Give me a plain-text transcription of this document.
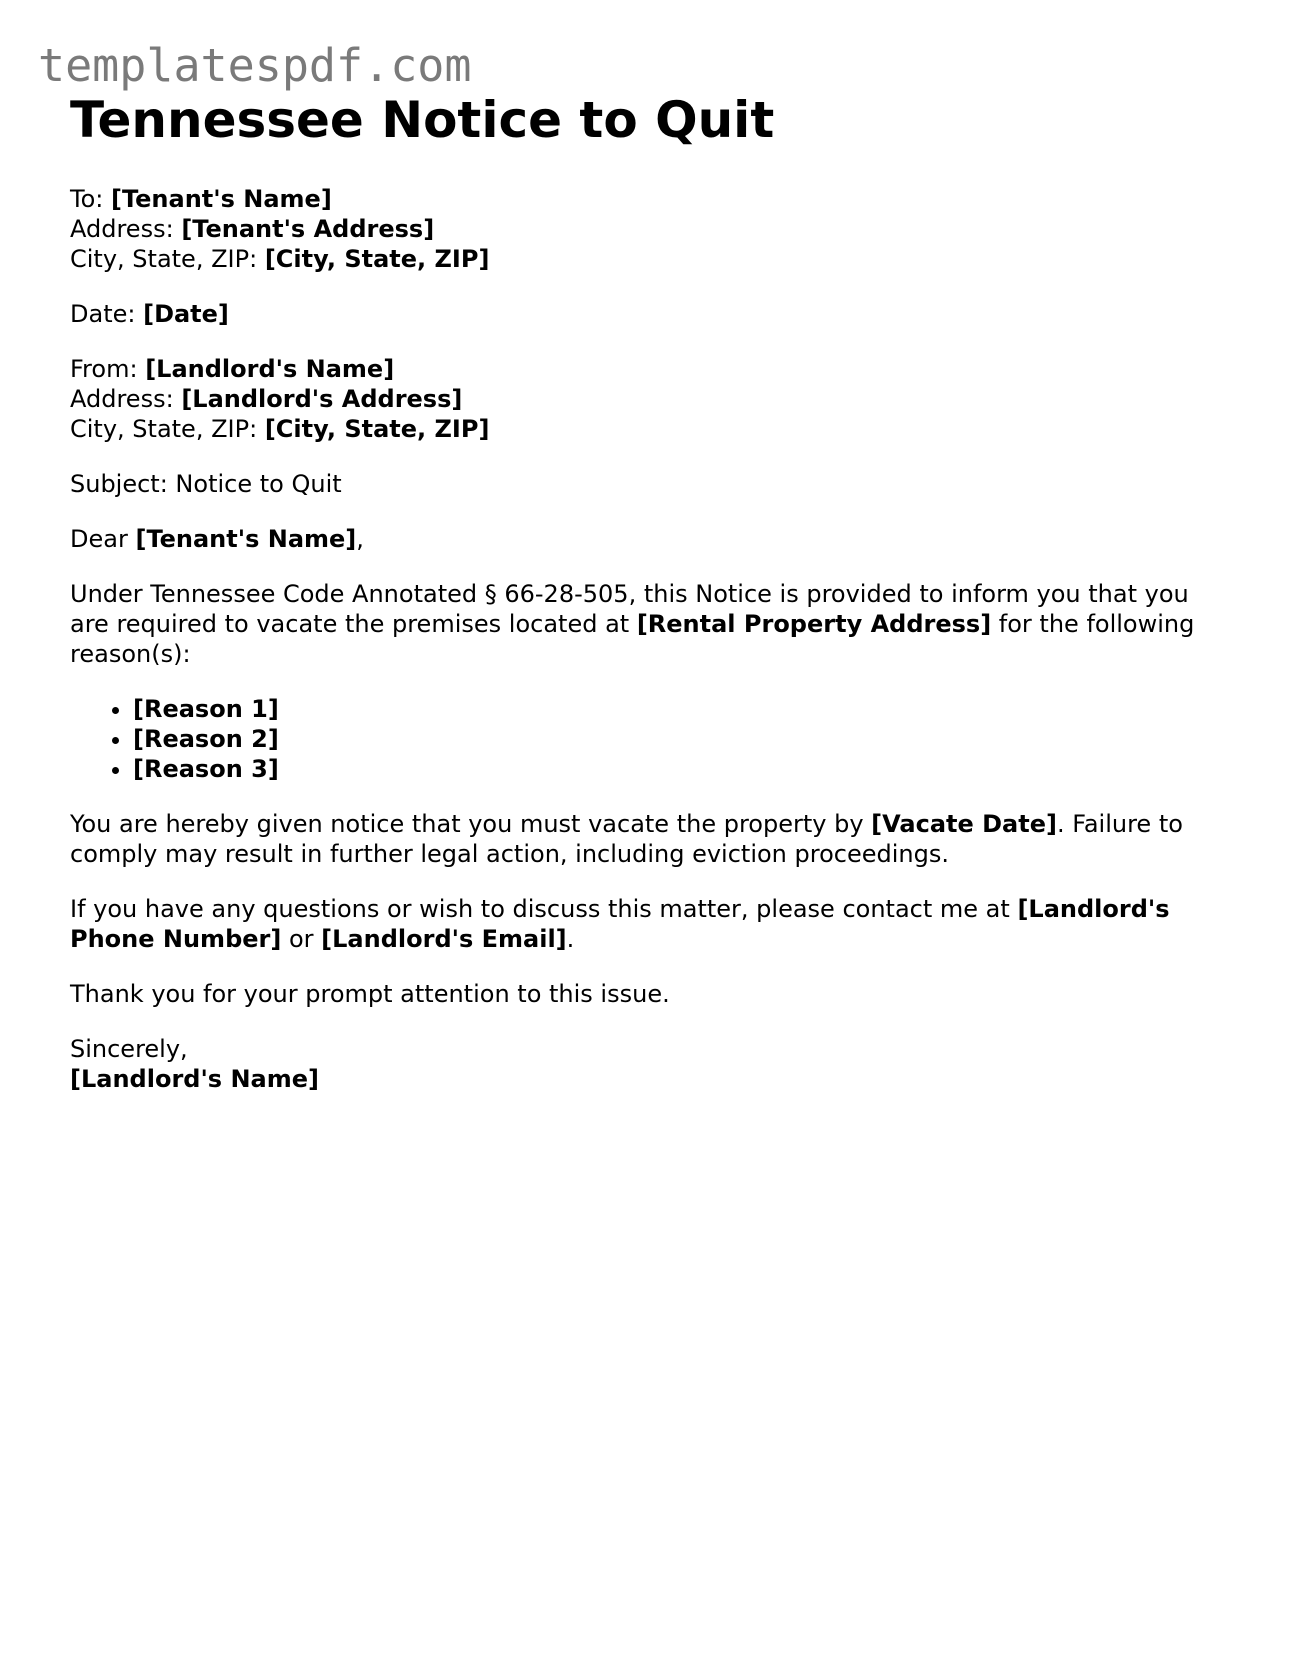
templatespdf.com
Tennessee Notice to Quit

To: [Tenant's Name]

Address: [Tenant's Address]

City, State, ZIP: [City, State, ZIP]

Date: [Date]

From: [Landlord's Name]

Address: [Landlord's Address]

City, State, ZIP: [City, State, ZIP]

Subject: Notice to Quit

Dear [Tenant's Name],

Under Tennessee Code Annotated § 66-28-505, this Notice is provided to inform you that you are required to vacate the premises located at [Rental Property Address] for the following reason(s):

• [Reason 1]
• [Reason 2]
• [Reason 3]

You are hereby given notice that you must vacate the property by [Vacate Date]. Failure to comply may result in further legal action, including eviction proceedings.

If you have any questions or wish to discuss this matter, please contact me at [Landlord's Phone Number] or [Landlord's Email].

Thank you for your prompt attention to this issue.

Sincerely,

[Landlord's Name]
